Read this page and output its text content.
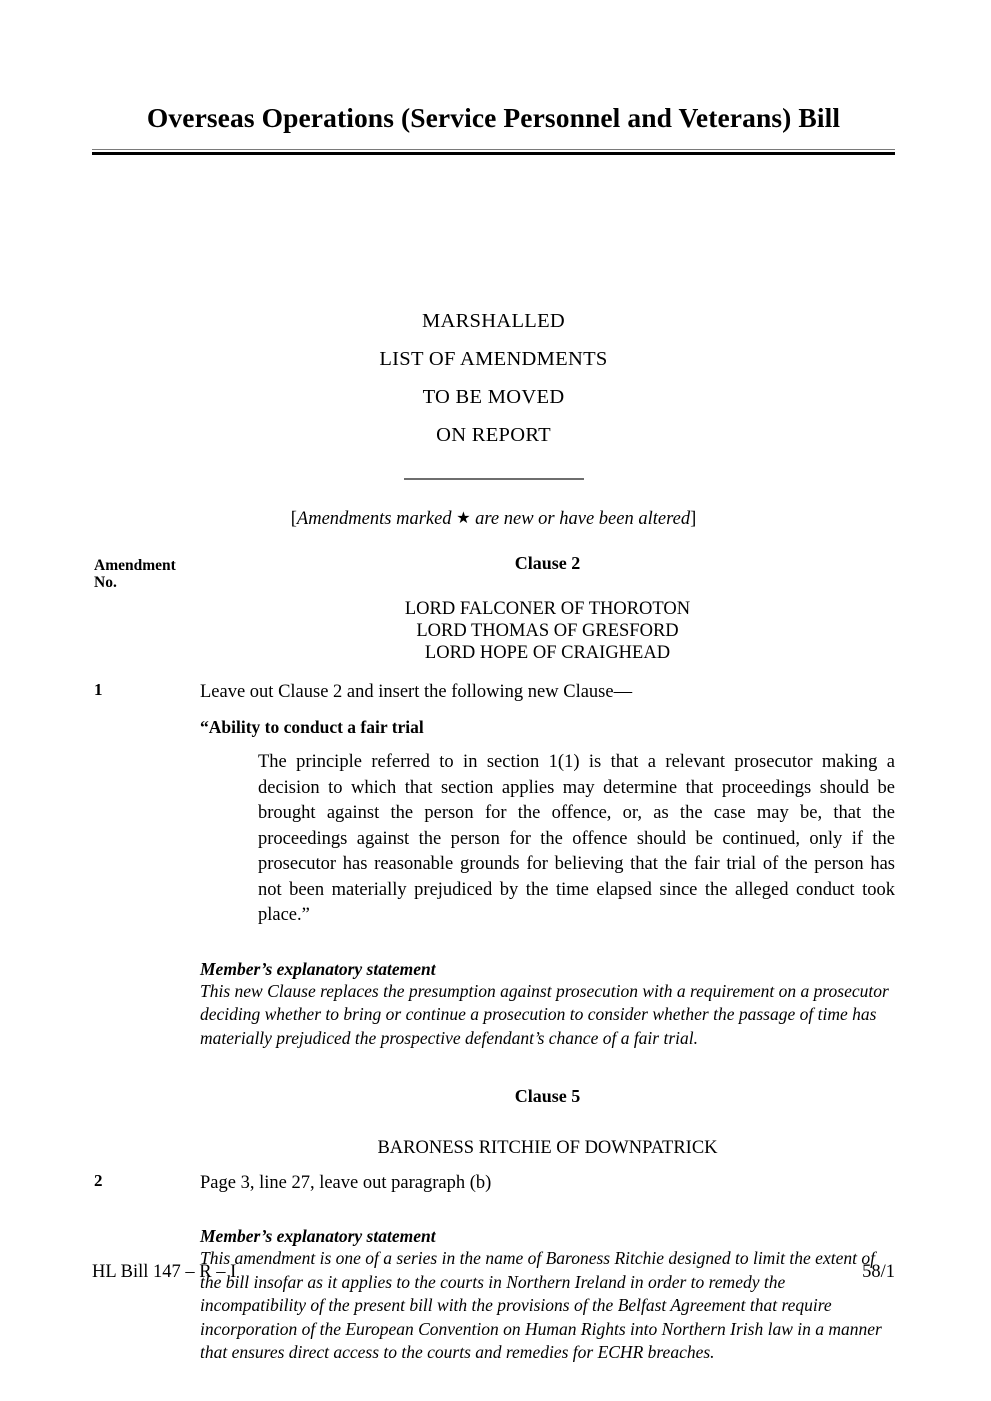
Overseas Operations (Service Personnel and Veterans) Bill
MARSHALLED
LIST OF AMENDMENTS
TO BE MOVED
ON REPORT
[Amendments marked ★ are new or have been altered]
Amendment
No.
Clause 2
LORD FALCONER OF THOROTON
LORD THOMAS OF GRESFORD
LORD HOPE OF CRAIGHEAD
1	Leave out Clause 2 and insert the following new Clause—
“Ability to conduct a fair trial
The principle referred to in section 1(1) is that a relevant prosecutor making a decision to which that section applies may determine that proceedings should be brought against the person for the offence, or, as the case may be, that the proceedings against the person for the offence should be continued, only if the prosecutor has reasonable grounds for believing that the fair trial of the person has not been materially prejudiced by the time elapsed since the alleged conduct took place.”
Member’s explanatory statement
This new Clause replaces the presumption against prosecution with a requirement on a prosecutor deciding whether to bring or continue a prosecution to consider whether the passage of time has materially prejudiced the prospective defendant’s chance of a fair trial.
Clause 5
BARONESS RITCHIE OF DOWNPATRICK
2	Page 3, line 27, leave out paragraph (b)
Member’s explanatory statement
This amendment is one of a series in the name of Baroness Ritchie designed to limit the extent of the bill insofar as it applies to the courts in Northern Ireland in order to remedy the incompatibility of the present bill with the provisions of the Belfast Agreement that require incorporation of the European Convention on Human Rights into Northern Irish law in a manner that ensures direct access to the courts and remedies for ECHR breaches.
HL Bill 147 – R – I	58/1
